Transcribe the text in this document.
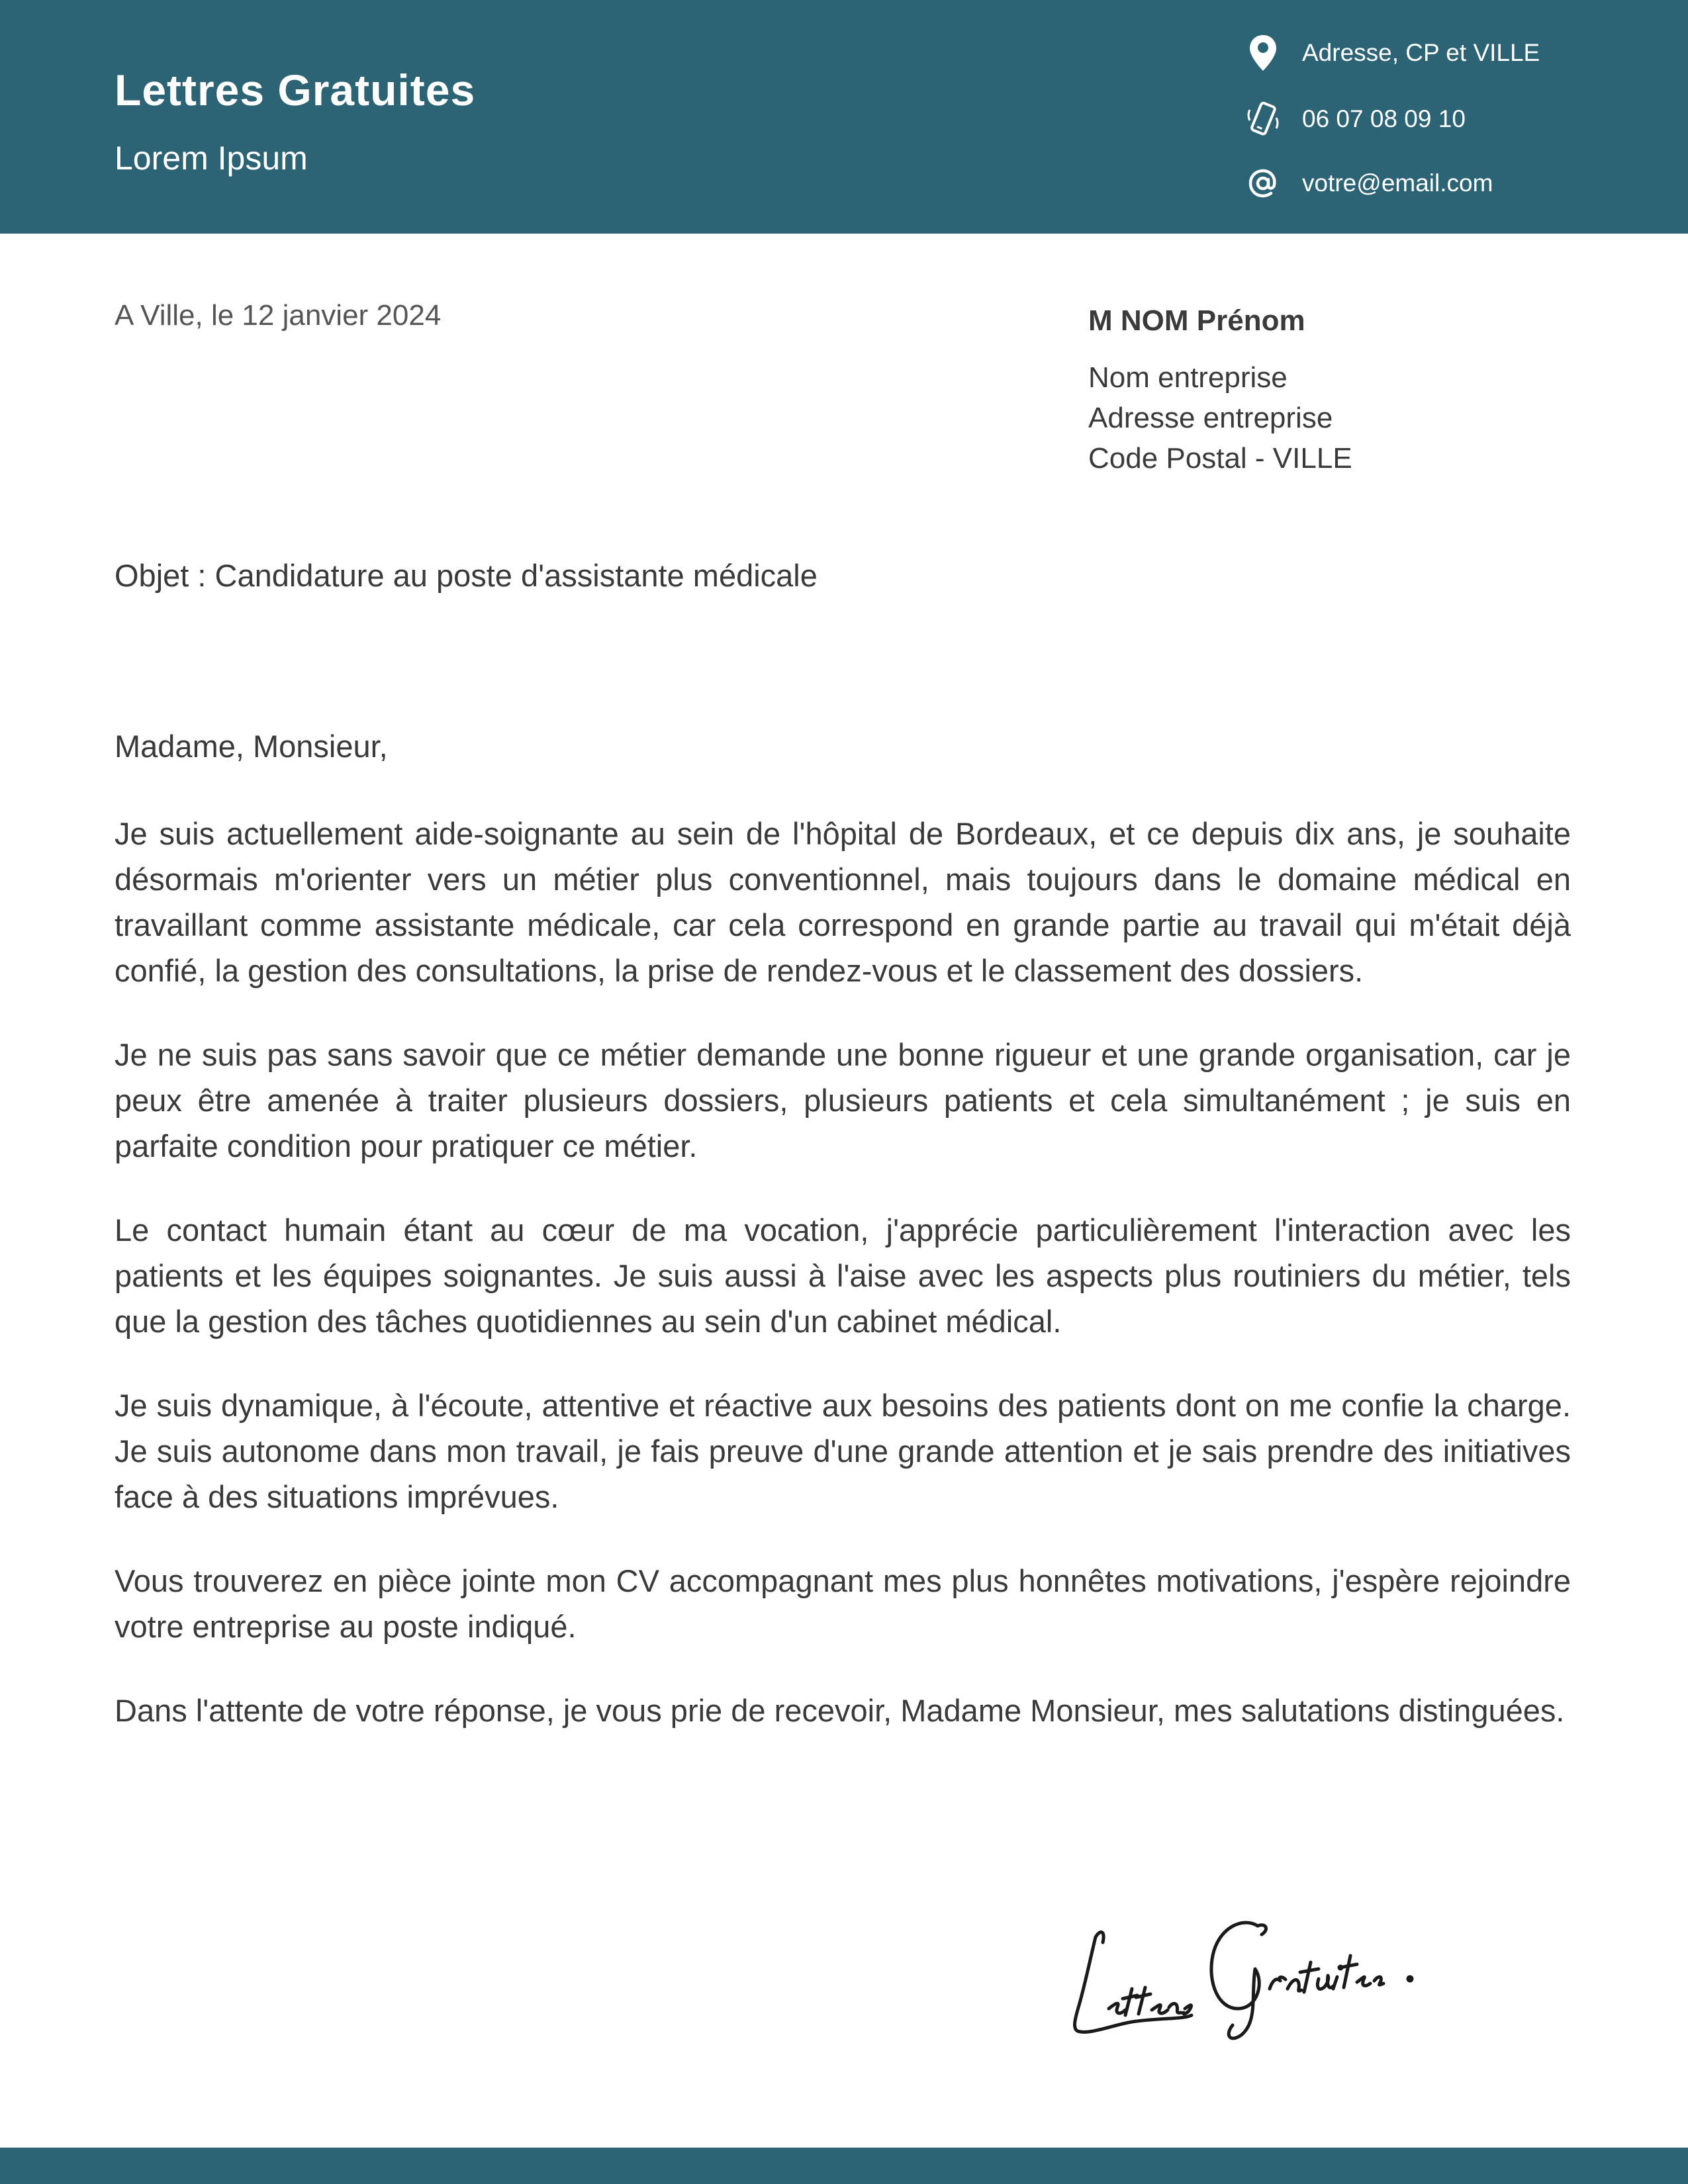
Lettres Gratuites
Lorem Ipsum
Adresse, CP et VILLE
06 07 08 09 10
votre@email.com
A Ville, le 12 janvier 2024	M NOM Prénom
Nom entreprise
Adresse entreprise
Code Postal - VILLE
Objet : Candidature au poste d'assistante médicale
Madame, Monsieur,

Je suis actuellement aide-soignante au sein de l'hôpital de Bordeaux, et ce depuis dix ans, je souhaite désormais m'orienter vers un métier plus conventionnel, mais toujours dans le domaine médical en travaillant comme assistante médicale, car cela correspond en grande partie au travail qui m'était déjà confié, la gestion des consultations, la prise de rendez-vous et le classement des dossiers.

Je ne suis pas sans savoir que ce métier demande une bonne rigueur et une grande organisation, car je peux être amenée à traiter plusieurs dossiers, plusieurs patients et cela simultanément ; je suis en parfaite condition pour pratiquer ce métier.

Le contact humain étant au cœur de ma vocation, j'apprécie particulièrement l'interaction avec les patients et les équipes soignantes. Je suis aussi à l'aise avec les aspects plus routiniers du métier, tels que la gestion des tâches quotidiennes au sein d'un cabinet médical.

Je suis dynamique, à l'écoute, attentive et réactive aux besoins des patients dont on me confie la charge. Je suis autonome dans mon travail, je fais preuve d'une grande attention et je sais prendre des initiatives face à des situations imprévues.

Vous trouverez en pièce jointe mon CV accompagnant mes plus honnêtes motivations, j'espère rejoindre votre entreprise au poste indiqué.

Dans l'attente de votre réponse, je vous prie de recevoir, Madame Monsieur, mes salutations distinguées.
